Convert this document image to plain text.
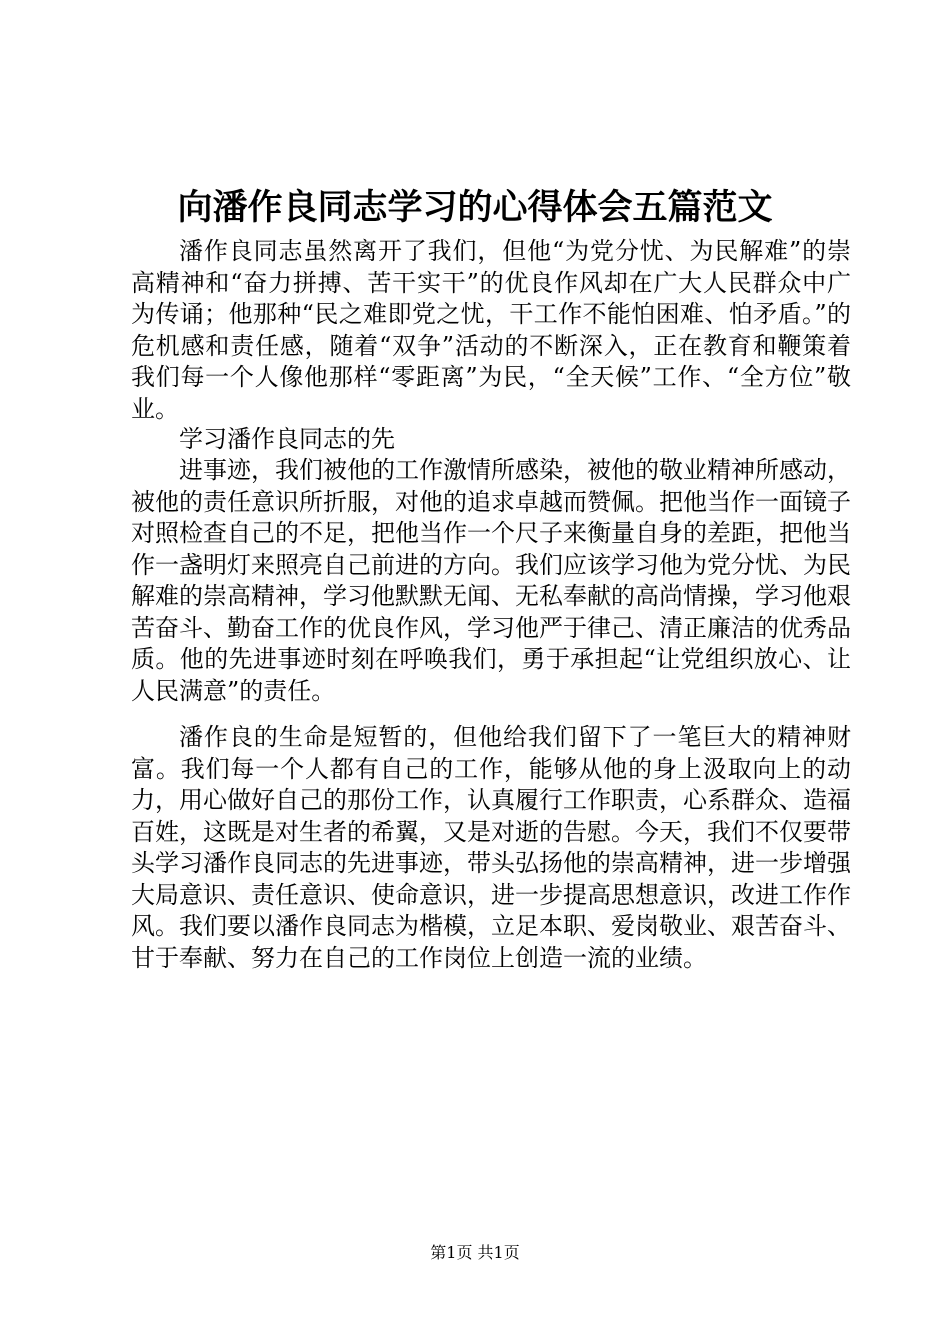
向潘作良同志学习的心得体会五篇范文

潘作良同志虽然离开了我们，但他“为党分忧、为民解难”的崇高精神和“奋力拼搏、苦干实干”的优良作风却在广大人民群众中广为传诵；他那种“民之难即党之忧，干工作不能怕困难、怕矛盾。”的危机感和责任感，随着“双争”活动的不断深入，正在教育和鞭策着我们每一个人像他那样“零距离”为民，“全天候”工作、“全方位”敬业。

学习潘作良同志的先

进事迹，我们被他的工作激情所感染，被他的敬业精神所感动，被他的责任意识所折服，对他的追求卓越而赞佩。把他当作一面镜子对照检查自己的不足，把他当作一个尺子来衡量自身的差距，把他当作一盏明灯来照亮自己前进的方向。我们应该学习他为党分忧、为民解难的崇高精神，学习他默默无闻、无私奉献的高尚情操，学习他艰苦奋斗、勤奋工作的优良作风，学习他严于律己、清正廉洁的优秀品质。他的先进事迹时刻在呼唤我们，勇于承担起“让党组织放心、让人民满意”的责任。

潘作良的生命是短暂的，但他给我们留下了一笔巨大的精神财富。我们每一个人都有自己的工作，能够从他的身上汲取向上的动力，用心做好自己的那份工作，认真履行工作职责，心系群众、造福百姓，这既是对生者的希翼，又是对逝的告慰。今天，我们不仅要带头学习潘作良同志的先进事迹，带头弘扬他的崇高精神，进一步增强大局意识、责任意识、使命意识，进一步提高思想意识，改进工作作风。我们要以潘作良同志为楷模，立足本职、爱岗敬业、艰苦奋斗、甘于奉献、努力在自己的工作岗位上创造一流的业绩。

第1页 共1页
